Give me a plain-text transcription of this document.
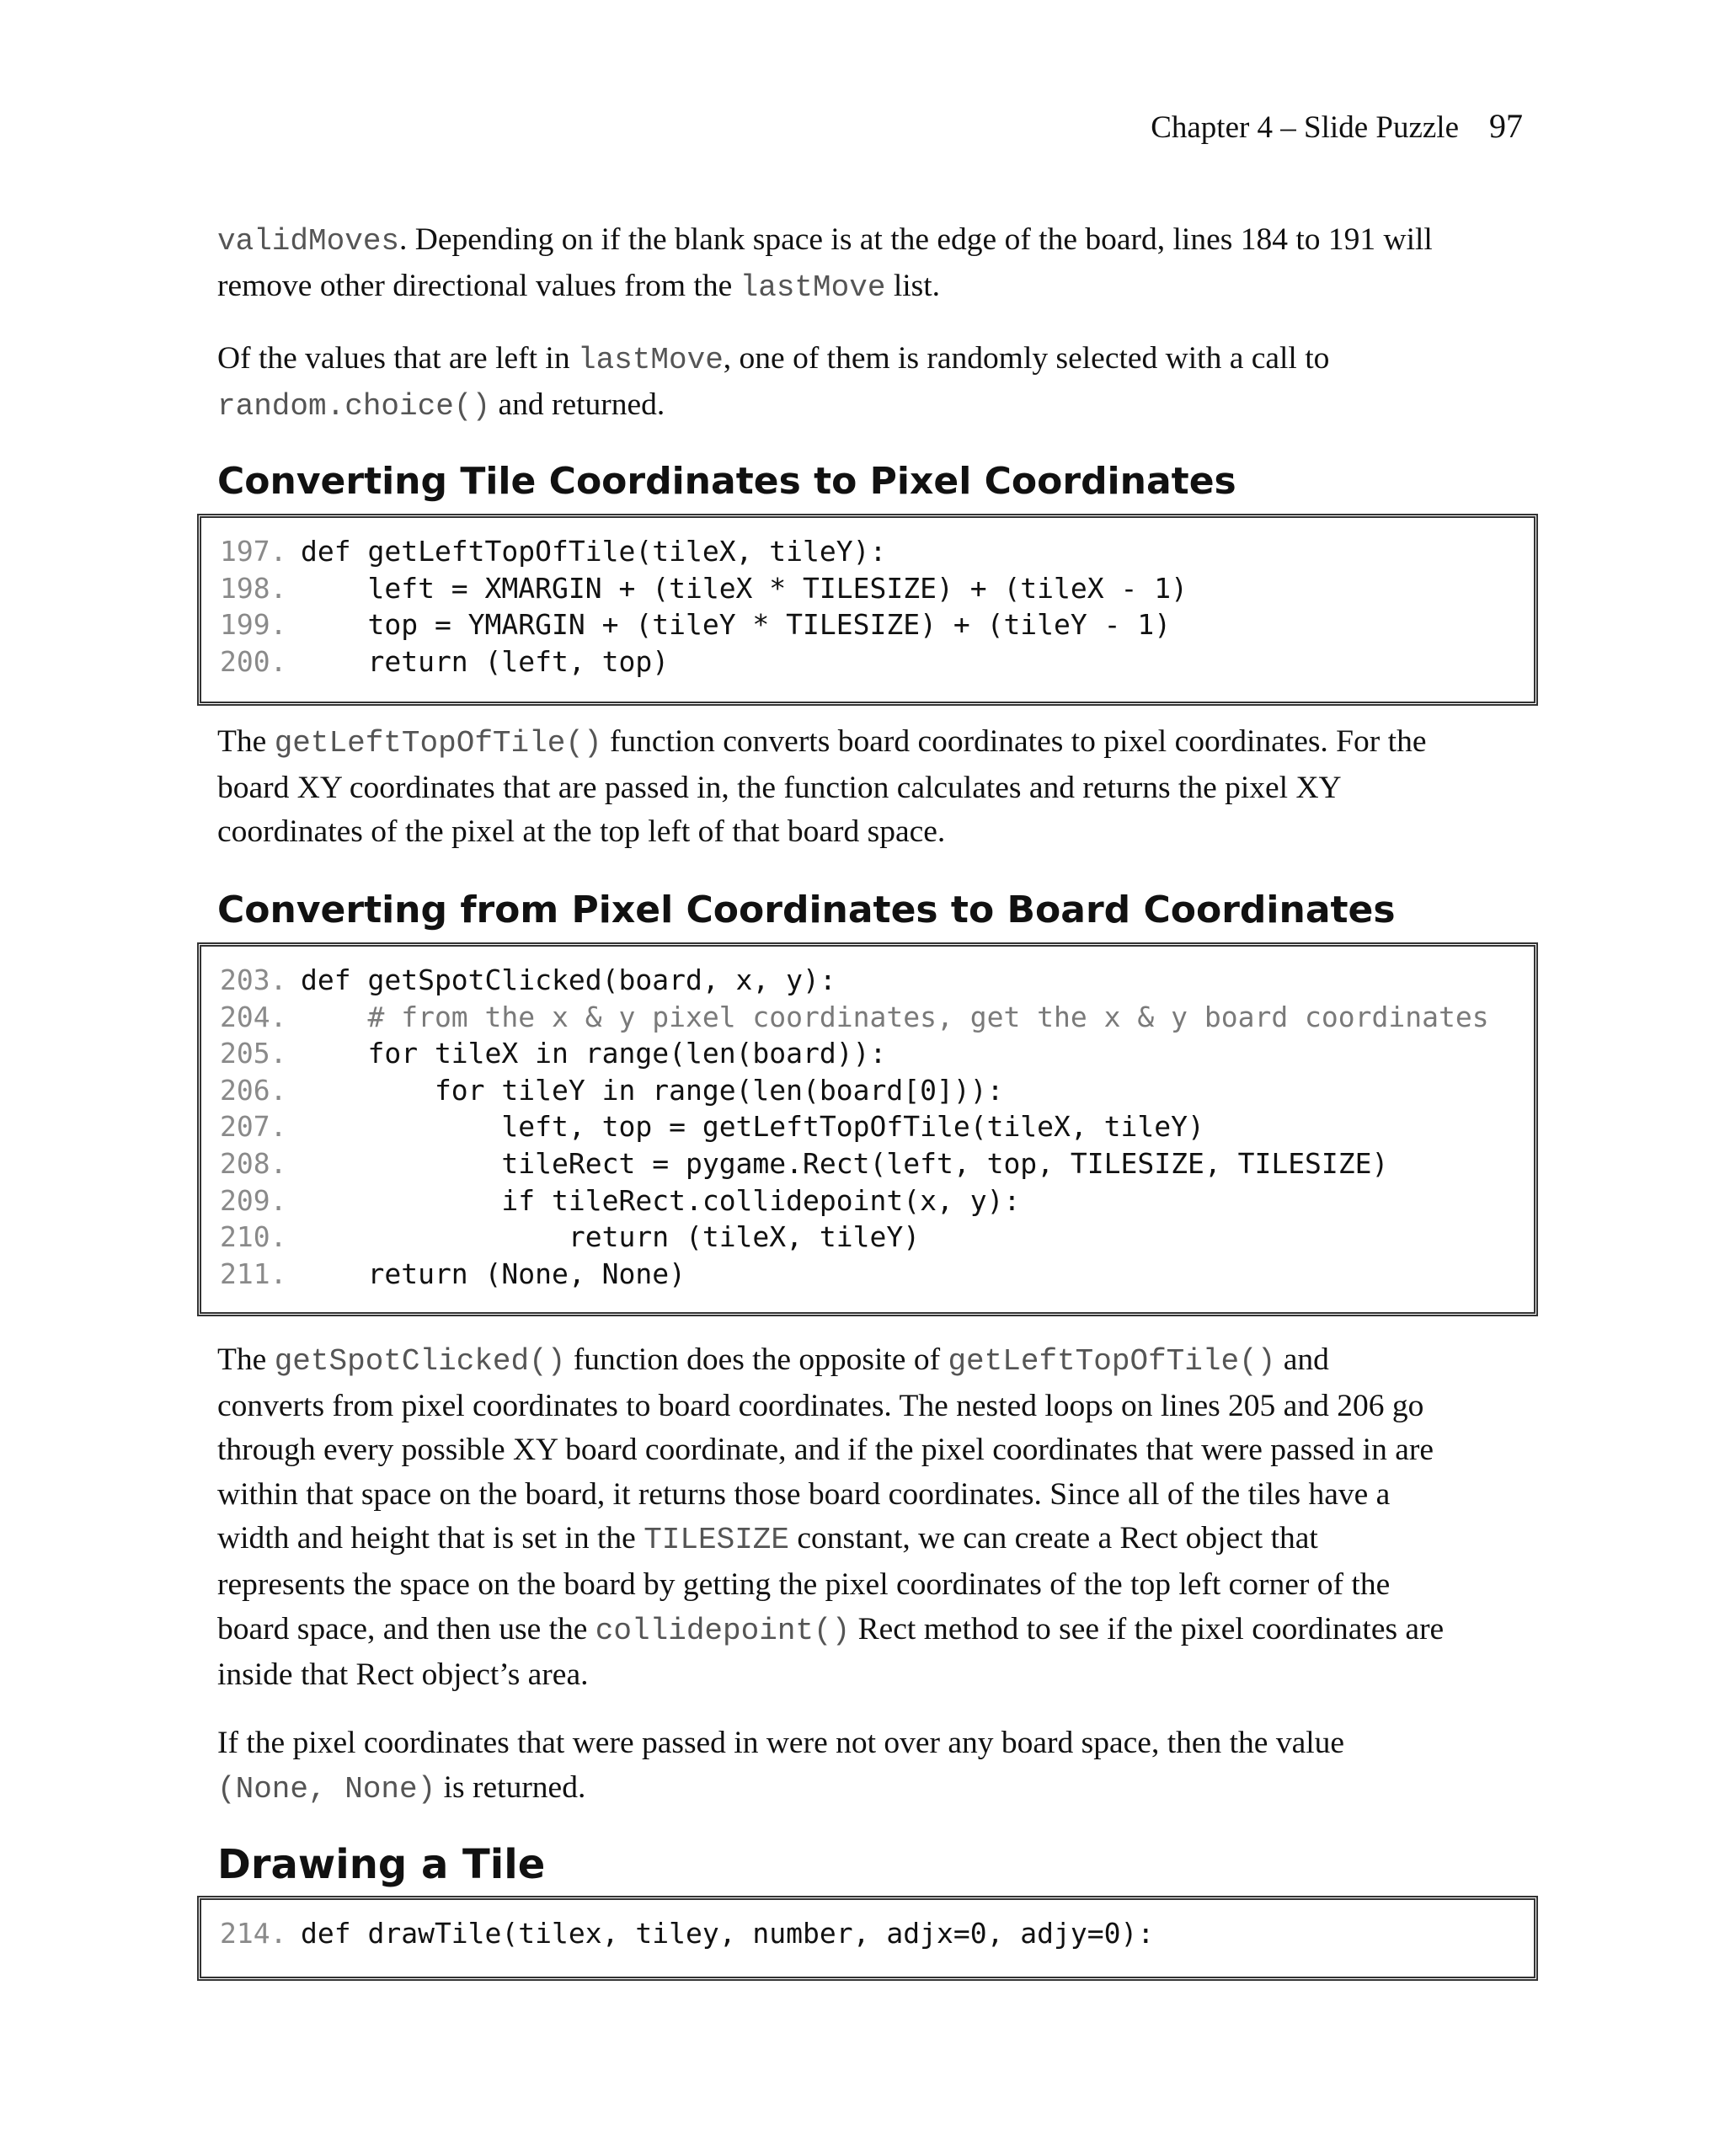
Chapter 4 – Slide Puzzle 97

validMoves. Depending on if the blank space is at the edge of the board, lines 184 to 191 will
remove other directional values from the lastMove list.

Of the values that are left in lastMove, one of them is randomly selected with a call to
random.choice() and returned.

Converting Tile Coordinates to Pixel Coordinates
197. def getLeftTopOfTile(tileX, tileY):
198. left = XMARGIN + (tileX * TILESIZE) + (tileX - 1)
199. top = YMARGIN + (tileY * TILESIZE) + (tileY - 1)
200. return (left, top)

The getLeftTopOfTile() function converts board coordinates to pixel coordinates. For the
board XY coordinates that are passed in, the function calculates and returns the pixel XY
coordinates of the pixel at the top left of that board space.

Converting from Pixel Coordinates to Board Coordinates
203. def getSpotClicked(board, x, y):
204. # from the x & y pixel coordinates, get the x & y board coordinates
205. for tileX in range(len(board)):
206. for tileY in range(len(board[0])):
207. left, top = getLeftTopOfTile(tileX, tileY)
208. tileRect = pygame.Rect(left, top, TILESIZE, TILESIZE)
209. if tileRect.collidepoint(x, y):
210. return (tileX, tileY)
211. return (None, None)

The getSpotClicked() function does the opposite of getLeftTopOfTile() and
converts from pixel coordinates to board coordinates. The nested loops on lines 205 and 206 go
through every possible XY board coordinate, and if the pixel coordinates that were passed in are
within that space on the board, it returns those board coordinates. Since all of the tiles have a
width and height that is set in the TILESIZE constant, we can create a Rect object that
represents the space on the board by getting the pixel coordinates of the top left corner of the
board space, and then use the collidepoint() Rect method to see if the pixel coordinates are
inside that Rect object’s area.

If the pixel coordinates that were passed in were not over any board space, then the value
(None, None) is returned.

Drawing a Tile
214. def drawTile(tilex, tiley, number, adjx=0, adjy=0):
